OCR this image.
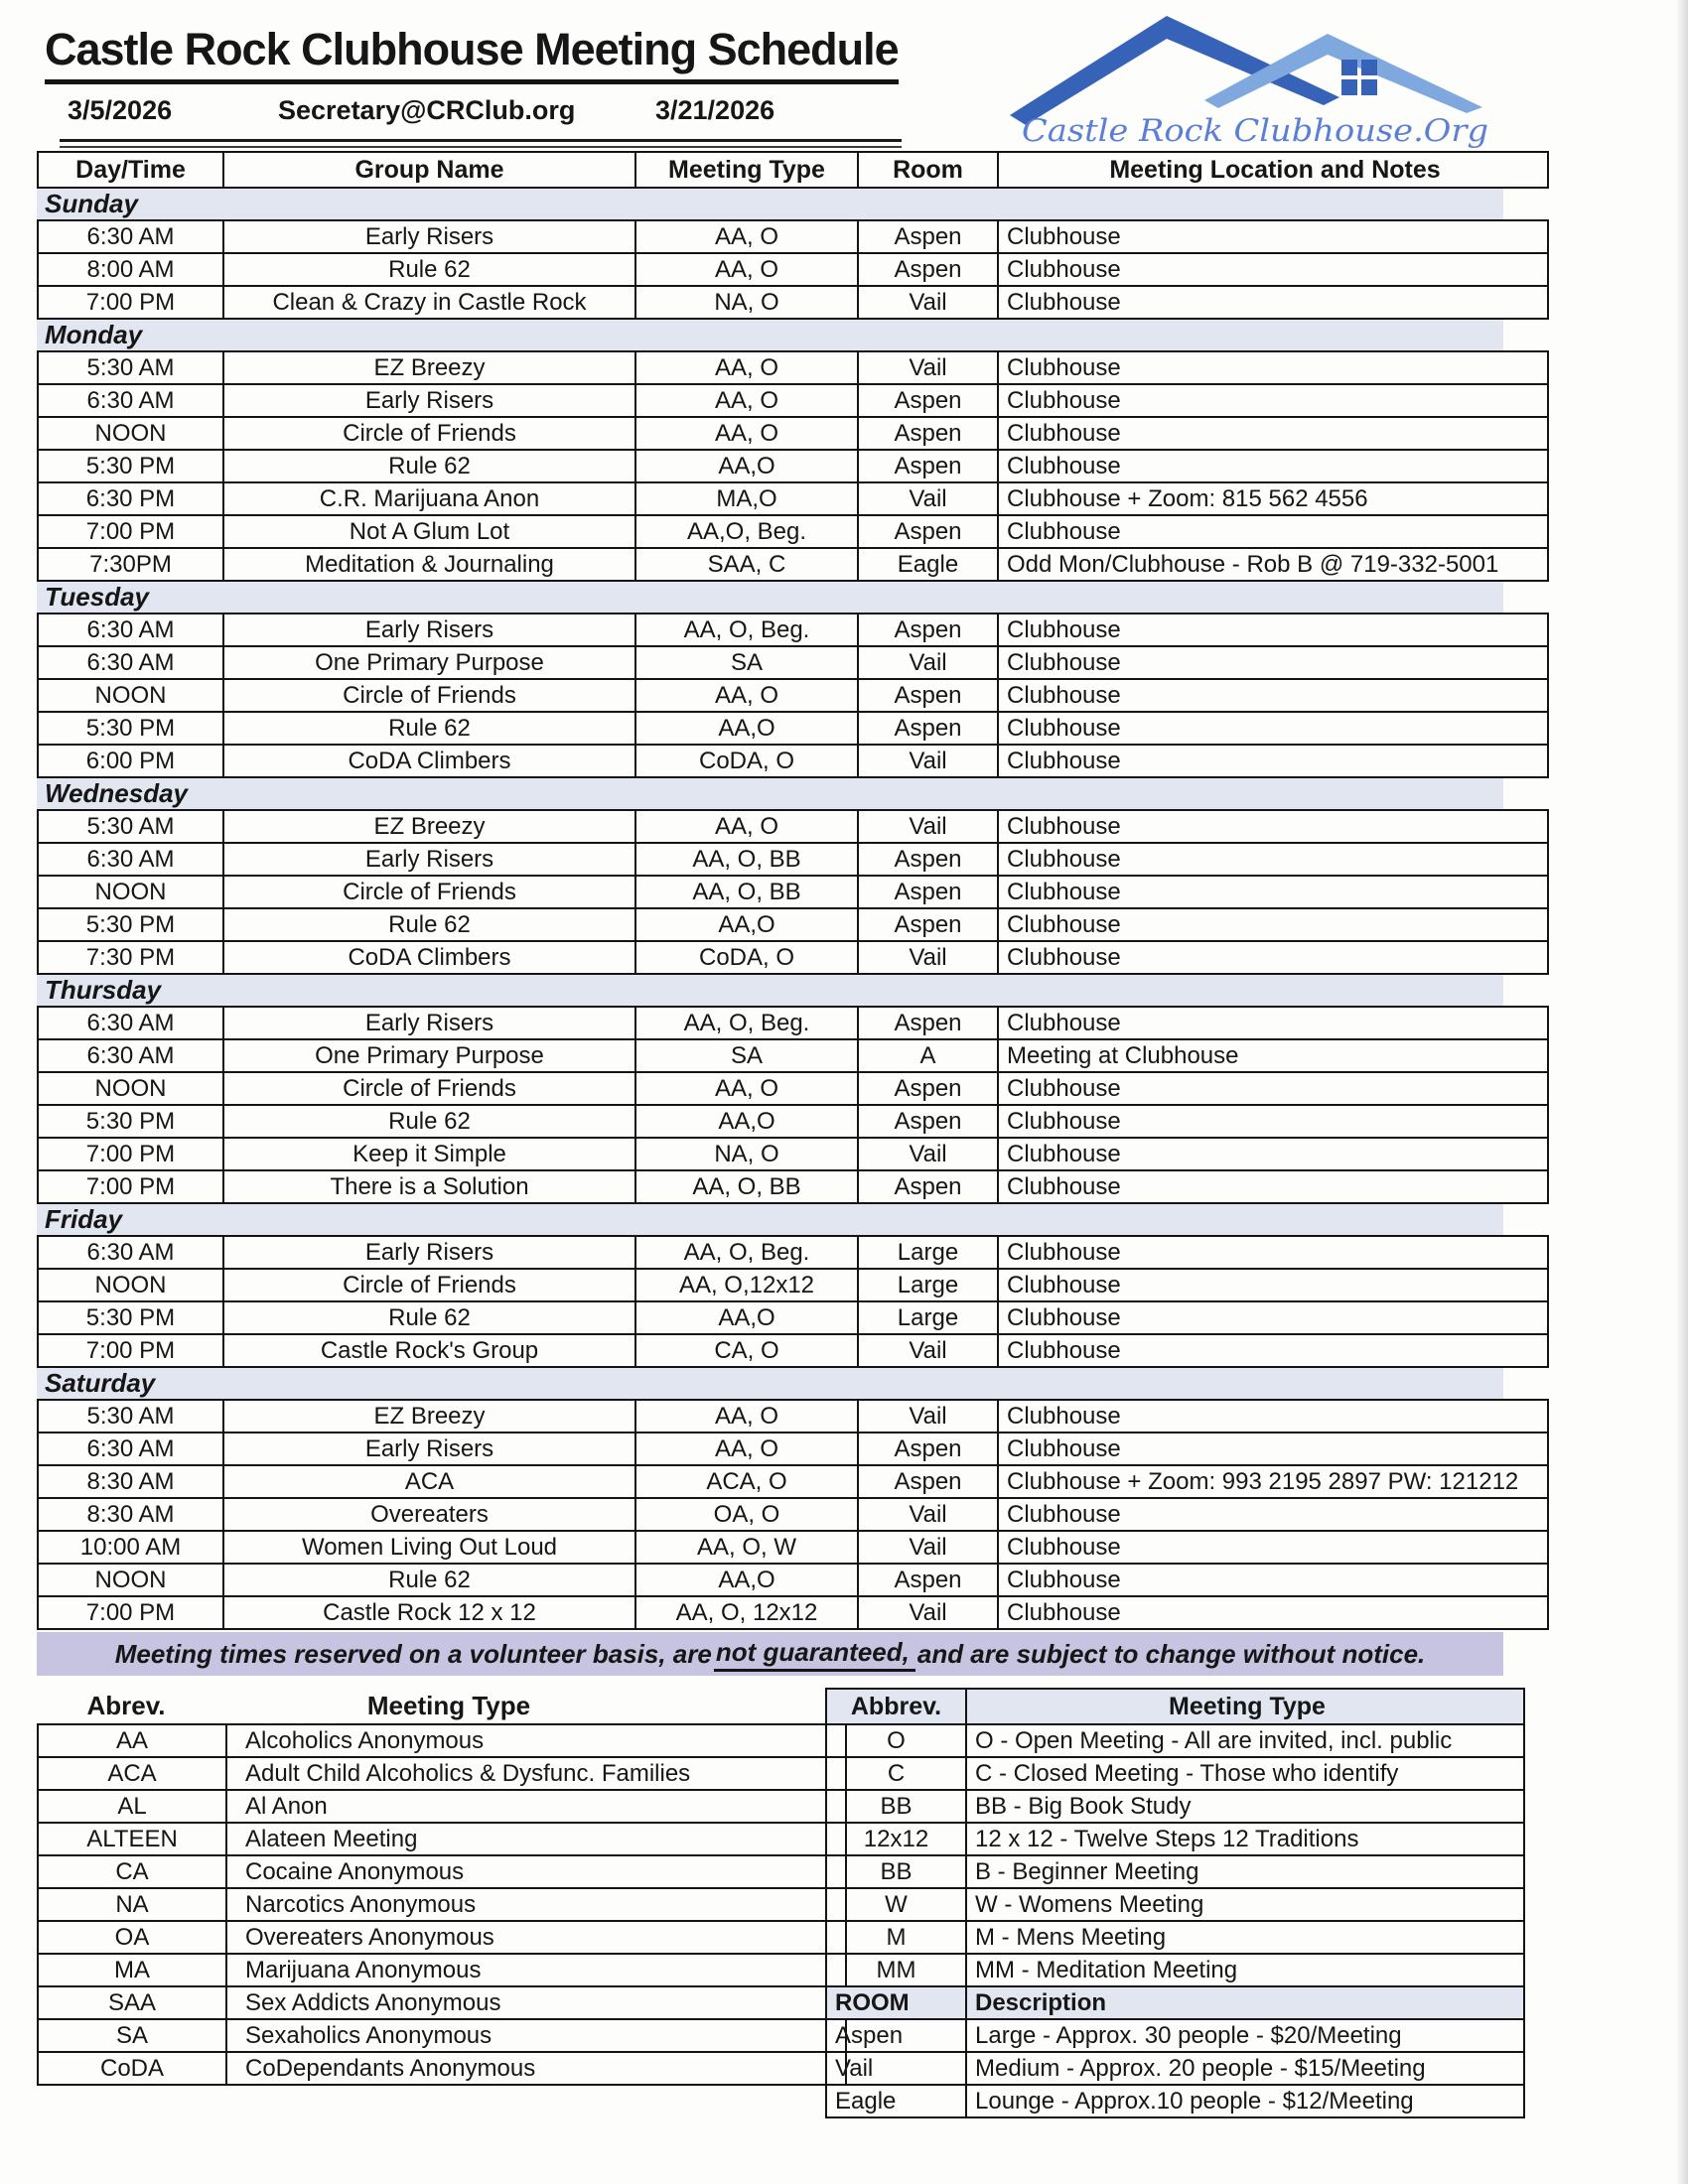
Castle Rock Clubhouse Meeting Schedule
3/5/2026	Secretary@CRClub.org	3/21/2026
Castle Rock Clubhouse.Org
Day/Time	Group Name	Meeting Type	Room	Meeting Location and Notes
Sunday
6:30 AM	Early Risers	AA, O	Aspen	Clubhouse
8:00 AM	Rule 62	AA, O	Aspen	Clubhouse
7:00 PM	Clean & Crazy in Castle Rock	NA, O	Vail	Clubhouse
Monday
5:30 AM	EZ Breezy	AA, O	Vail	Clubhouse
6:30 AM	Early Risers	AA, O	Aspen	Clubhouse
NOON	Circle of Friends	AA, O	Aspen	Clubhouse
5:30 PM	Rule 62	AA,O	Aspen	Clubhouse
6:30 PM	C.R. Marijuana Anon	MA,O	Vail	Clubhouse + Zoom: 815 562 4556
7:00 PM	Not A Glum Lot	AA,O, Beg.	Aspen	Clubhouse
7:30PM	Meditation & Journaling	SAA, C	Eagle	Odd Mon/Clubhouse - Rob B @ 719-332-5001
Tuesday
6:30 AM	Early Risers	AA, O, Beg.	Aspen	Clubhouse
6:30 AM	One Primary Purpose	SA	Vail	Clubhouse
NOON	Circle of Friends	AA, O	Aspen	Clubhouse
5:30 PM	Rule 62	AA,O	Aspen	Clubhouse
6:00 PM	CoDA Climbers	CoDA, O	Vail	Clubhouse
Wednesday
5:30 AM	EZ Breezy	AA, O	Vail	Clubhouse
6:30 AM	Early Risers	AA, O, BB	Aspen	Clubhouse
NOON	Circle of Friends	AA, O, BB	Aspen	Clubhouse
5:30 PM	Rule 62	AA,O	Aspen	Clubhouse
7:30 PM	CoDA Climbers	CoDA, O	Vail	Clubhouse
Thursday
6:30 AM	Early Risers	AA, O, Beg.	Aspen	Clubhouse
6:30 AM	One Primary Purpose	SA	A	Meeting at Clubhouse
NOON	Circle of Friends	AA, O	Aspen	Clubhouse
5:30 PM	Rule 62	AA,O	Aspen	Clubhouse
7:00 PM	Keep it Simple	NA, O	Vail	Clubhouse
7:00 PM	There is a Solution	AA, O, BB	Aspen	Clubhouse
Friday
6:30 AM	Early Risers	AA, O, Beg.	Large	Clubhouse
NOON	Circle of Friends	AA, O,12x12	Large	Clubhouse
5:30 PM	Rule 62	AA,O	Large	Clubhouse
7:00 PM	Castle Rock's Group	CA, O	Vail	Clubhouse
Saturday
5:30 AM	EZ Breezy	AA, O	Vail	Clubhouse
6:30 AM	Early Risers	AA, O	Aspen	Clubhouse
8:30 AM	ACA	ACA, O	Aspen	Clubhouse + Zoom: 993 2195 2897 PW: 121212
8:30 AM	Overeaters	OA, O	Vail	Clubhouse
10:00 AM	Women Living Out Loud	AA, O, W	Vail	Clubhouse
NOON	Rule 62	AA,O	Aspen	Clubhouse
7:00 PM	Castle Rock 12 x 12	AA, O, 12x12	Vail	Clubhouse
Meeting times reserved on a volunteer basis, are not guaranteed, and are subject to change without notice.
Abrev.	Meeting Type
AA	Alcoholics Anonymous
ACA	Adult Child Alcoholics & Dysfunc. Families
AL	Al Anon
ALTEEN	Alateen Meeting
CA	Cocaine Anonymous
NA	Narcotics Anonymous
OA	Overeaters Anonymous
MA	Marijuana Anonymous
SAA	Sex Addicts Anonymous
SA	Sexaholics Anonymous
CoDA	CoDependants Anonymous
Abbrev.	Meeting Type
O	O - Open Meeting - All are invited, incl. public
C	C - Closed Meeting - Those who identify
BB	BB - Big Book Study
12x12	12 x 12 - Twelve Steps 12 Traditions
BB	B - Beginner Meeting
W	W - Womens Meeting
M	M - Mens Meeting
MM	MM - Meditation Meeting
ROOM	Description
Aspen	Large - Approx. 30 people - $20/Meeting
Vail	Medium - Approx. 20 people - $15/Meeting
Eagle	Lounge - Approx.10 people - $12/Meeting
